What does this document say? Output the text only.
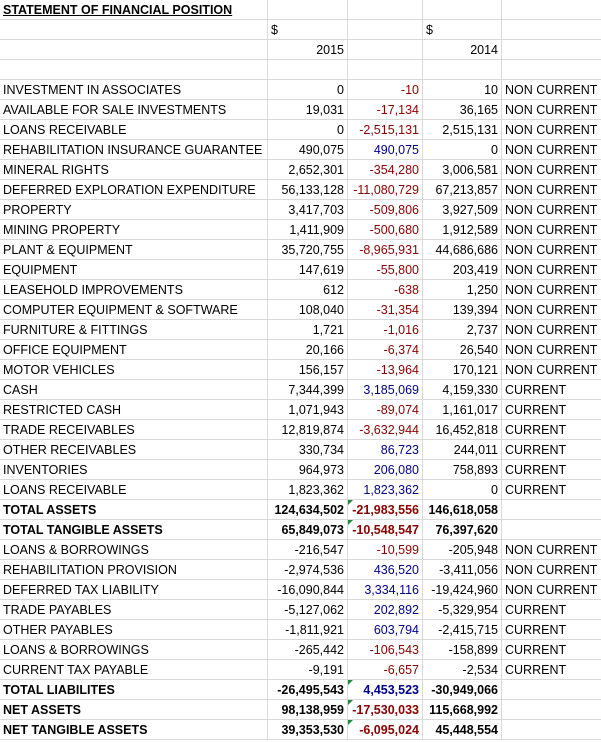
STATEMENT OF FINANCIAL POSITION
$	$
2015	2014
INVESTMENT IN ASSOCIATES	0	-10	10 NON CURRENT
AVAILABLE FOR SALE INVESTMENTS	19,031	-17,134	36,165 NON CURRENT
LOANS RECEIVABLE	0	-2,515,131	2,515,131 NON CURRENT
REHABILITATION INSURANCE GUARANTEE	490,075	490,075	0 NON CURRENT
MINERAL RIGHTS	2,652,301	-354,280	3,006,581 NON CURRENT
DEFERRED EXPLORATION EXPENDITURE	56,133,128 -11,080,729	67,213,857 NON CURRENT
PROPERTY	3,417,703	-509,806	3,927,509 NON CURRENT
MINING PROPERTY	1,411,909	-500,680	1,912,589 NON CURRENT
PLANT & EQUIPMENT	35,720,755	-8,965,931	44,686,686 NON CURRENT
EQUIPMENT	147,619	-55,800	203,419 NON CURRENT
LEASEHOLD IMPROVEMENTS	612	-638	1,250 NON CURRENT
COMPUTER EQUIPMENT & SOFTWARE	108,040	-31,354	139,394 NON CURRENT
FURNITURE & FITTINGS	1,721	-1,016	2,737 NON CURRENT
OFFICE EQUIPMENT	20,166	-6,374	26,540 NON CURRENT
MOTOR VEHICLES	156,157	-13,964	170,121 NON CURRENT
CASH	7,344,399	3,185,069	4,159,330 CURRENT
RESTRICTED CASH	1,071,943	-89,074	1,161,017 CURRENT
TRADE RECEIVABLES	12,819,874	-3,632,944	16,452,818 CURRENT
OTHER RECEIVABLES	330,734	86,723	244,011 CURRENT
INVENTORIES	964,973	206,080	758,893 CURRENT
LOANS RECEIVABLE	1,823,362	1,823,362	0 CURRENT
TOTAL ASSETS	124,634,502 -21,983,556 146,618,058
TOTAL TANGIBLE ASSETS	65,849,073 -10,548,547	76,397,620
LOANS & BORROWINGS	-216,547	-10,599	-205,948 NON CURRENT
REHABILITATION PROVISION	-2,974,536	436,520	-3,411,056 NON CURRENT
DEFERRED TAX LIABILITY	-16,090,844	3,334,116 -19,424,960 NON CURRENT
TRADE PAYABLES	-5,127,062	202,892	-5,329,954 CURRENT
OTHER PAYABLES	-1,811,921	603,794	-2,415,715 CURRENT
LOANS & BORROWINGS	-265,442	-106,543	-158,899 CURRENT
CURRENT TAX PAYABLE	-9,191	-6,657	-2,534 CURRENT
TOTAL LIABILITES	-26,495,543	4,453,523 -30,949,066
NET ASSETS	98,138,959 -17,530,033 115,668,992
NET TANGIBLE ASSETS	39,353,530	-6,095,024	45,448,554
